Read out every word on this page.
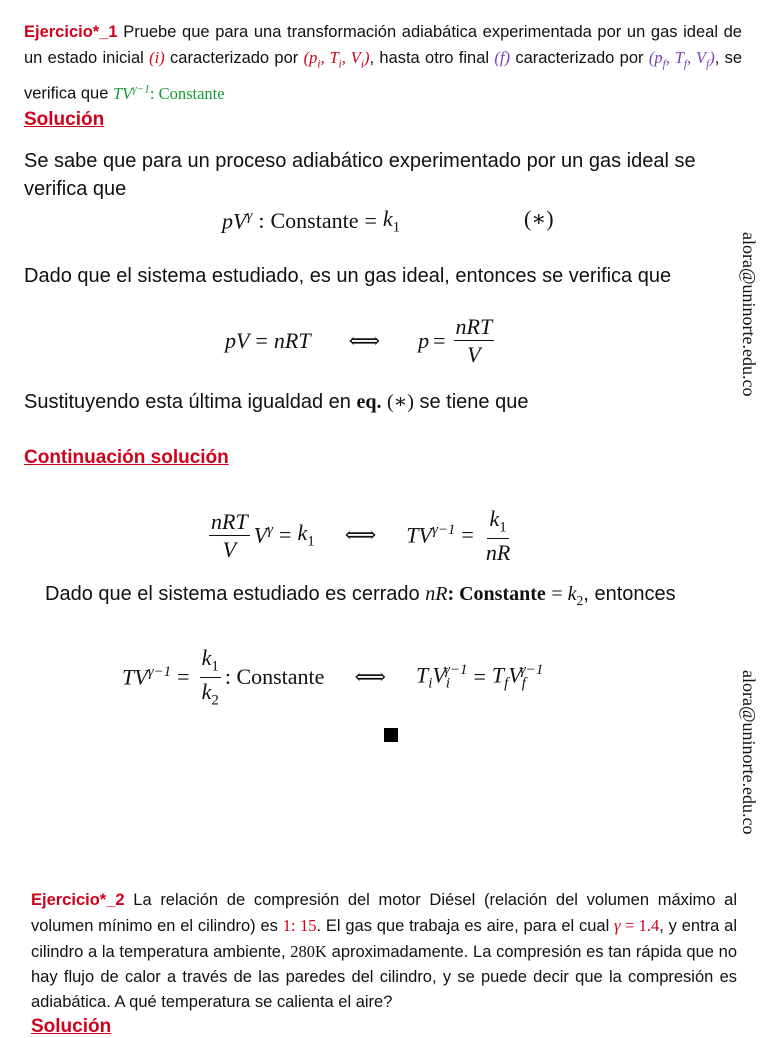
Ejercicio*_1 Pruebe que para una transformación adiabática experimentada por un gas ideal de un estado inicial (i) caracterizado por ($p_i$, $T_i$, $V_i$), hasta otro final (f) caracterizado por ($p_f$, $T_f$, $V_f$), se verifica que $TV^{\gamma-1}$: Constante
Solución
Se sabe que para un proceso adiabático experimentado por un gas ideal se verifica que
$pV^\gamma$ : Constante = $k_1$	(∗)
Dado que el sistema estudiado, es un gas ideal, entonces se verifica que
pV = nRT ⟺ $p = \frac{\text{nRT}}{V}$
Sustituyendo esta última igualdad en eq. (∗) se tiene que
Continuación solución
$\frac{\text{nRT}}{V} V^\gamma = k_1$ ⟺ $TV^{\gamma-1} = \frac{k_1}{nR}$
Dado que el sistema estudiado es cerrado nR: Constante = $k_2$, entonces
$TV^{\gamma-1} = \frac{k_1}{k_2}$ : Constante ⟺ $T_iV_i^{\gamma-1} = T_fV_f^{\gamma-1}$
alora@uninorte.edu.co
alora@uninorte.edu.co
Ejercicio*_2 La relación de compresión del motor Diésel (relación del volumen máximo al volumen mínimo en el cilindro) es 1: 15. El gas que trabaja es aire, para el cual γ = 1.4, y entra al cilindro a la temperatura ambiente, 280K aproximadamente. La compresión es tan rápida que no hay flujo de calor a través de las paredes del cilindro, y se puede decir que la compresión es adiabática. A qué temperatura se calienta el aire?
Solución
